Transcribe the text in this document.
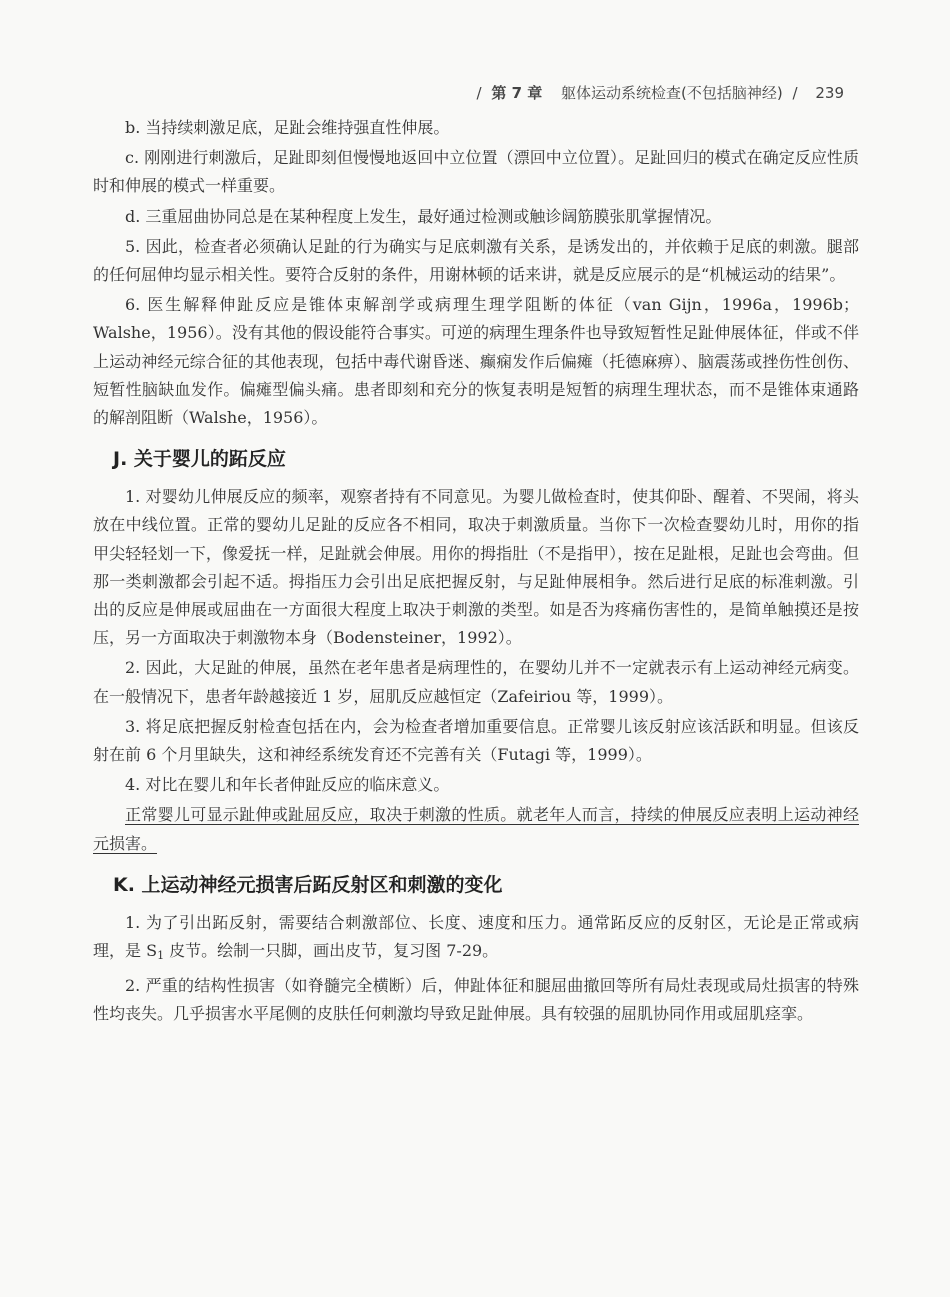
/ 第 7 章 躯体运动系统检查(不包括脑神经) / 239

b. 当持续刺激足底，足趾会维持强直性伸展。

c. 刚刚进行刺激后，足趾即刻但慢慢地返回中立位置（漂回中立位置）。足趾回归的模式在确定反应性质时和伸展的模式一样重要。

d. 三重屈曲协同总是在某种程度上发生，最好通过检测或触诊阔筋膜张肌掌握情况。

5. 因此，检查者必须确认足趾的行为确实与足底刺激有关系，是诱发出的，并依赖于足底的刺激。腿部的任何屈伸均显示相关性。要符合反射的条件，用谢林顿的话来讲，就是反应展示的是“机械运动的结果”。

6. 医生解释伸趾反应是锥体束解剖学或病理生理学阻断的体征（van Gijn，1996a，1996b；Walshe，1956）。没有其他的假设能符合事实。可逆的病理生理条件也导致短暂性足趾伸展体征，伴或不伴上运动神经元综合征的其他表现，包括中毒代谢昏迷、癫痫发作后偏瘫（托德麻痹）、脑震荡或挫伤性创伤、短暂性脑缺血发作。偏瘫型偏头痛。患者即刻和充分的恢复表明是短暂的病理生理状态，而不是锥体束通路的解剖阻断（Walshe，1956）。

J. 关于婴儿的跖反应

1. 对婴幼儿伸展反应的频率，观察者持有不同意见。为婴儿做检查时，使其仰卧、醒着、不哭闹，将头放在中线位置。正常的婴幼儿足趾的反应各不相同，取决于刺激质量。当你下一次检查婴幼儿时，用你的指甲尖轻轻划一下，像爱抚一样，足趾就会伸展。用你的拇指肚（不是指甲），按在足趾根，足趾也会弯曲。但那一类刺激都会引起不适。拇指压力会引出足底把握反射，与足趾伸展相争。然后进行足底的标准刺激。引出的反应是伸展或屈曲在一方面很大程度上取决于刺激的类型。如是否为疼痛伤害性的，是简单触摸还是按压，另一方面取决于刺激物本身（Bodensteiner，1992）。

2. 因此，大足趾的伸展，虽然在老年患者是病理性的，在婴幼儿并不一定就表示有上运动神经元病变。在一般情况下，患者年龄越接近 1 岁，屈肌反应越恒定（Zafeiriou 等，1999）。

3. 将足底把握反射检查包括在内，会为检查者增加重要信息。正常婴儿该反射应该活跃和明显。但该反射在前 6 个月里缺失，这和神经系统发育还不完善有关（Futagi 等，1999）。

4. 对比在婴儿和年长者伸趾反应的临床意义。

正常婴儿可显示趾伸或趾屈反应，取决于刺激的性质。就老年人而言，持续的伸展反应表明上运动神经元损害。

K. 上运动神经元损害后跖反射区和刺激的变化

1. 为了引出跖反射，需要结合刺激部位、长度、速度和压力。通常跖反应的反射区，无论是正常或病理，是 $S_1$ 皮节。绘制一只脚，画出皮节，复习图 7-29。

2. 严重的结构性损害（如脊髓完全横断）后，伸趾体征和腿屈曲撤回等所有局灶表现或局灶损害的特殊性均丧失。几乎损害水平尾侧的皮肤任何刺激均导致足趾伸展。具有较强的屈肌协同作用或屈肌痉挛。
